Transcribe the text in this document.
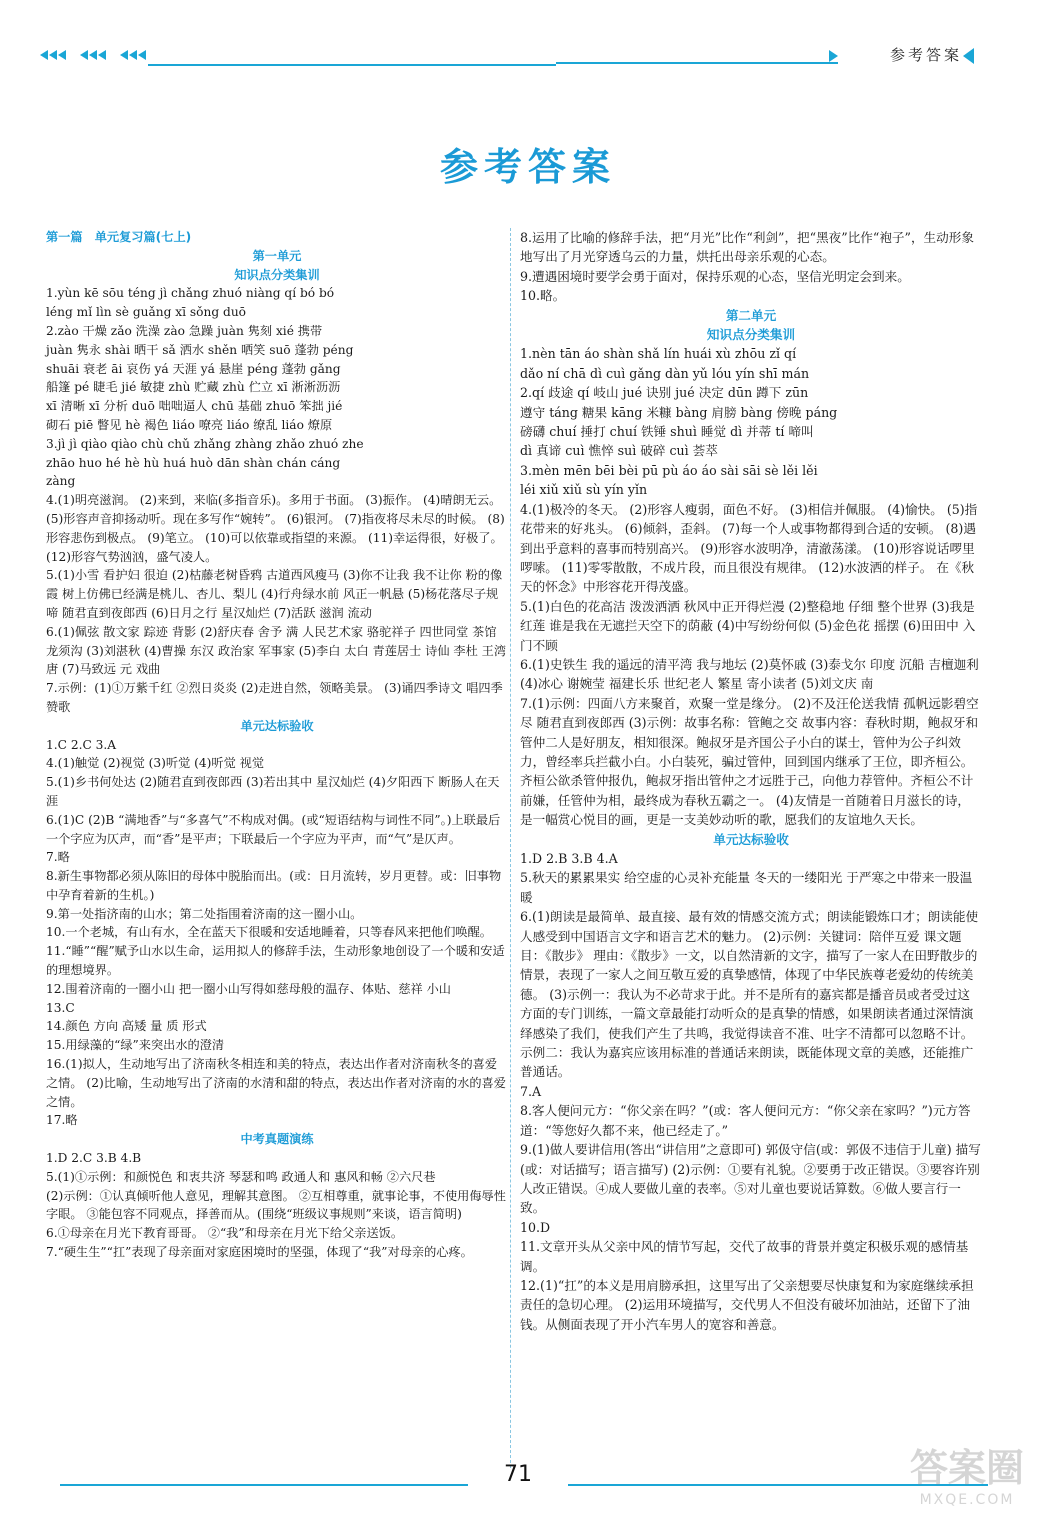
参考答案
参考答案
第一篇　单元复习篇(七上)
第一单元
知识点分类集训
1.yùn kē sōu téng jì chǎng zhuó niàng qí bó bó
léng mǐ lìn sè guǎng xī sǒng duō
2.zào 干燥 zǎo 洗澡 zào 急躁 juàn 隽刻 xié 携带
juàn 隽永 shài 晒干 sǎ 洒水 shěn 哂笑 suō 蓬勃 péng
shuāi 衰老 āi 哀伤 yá 天涯 yá 悬崖 péng 蓬勃 gǎng
船篷 pé 睫毛 jié 敏捷 zhù 贮藏 zhù 伫立 xī 淅淅沥沥
xī 清晰 xī 分析 duō 咄咄逼人 chū 基础 zhuō 笨拙 jié
砌石 piē 瞥见 hè 褐色 liáo 嘹亮 liáo 缭乱 liáo 燎原
3.jì jì qiào qiào chù chǔ zhǎng zhàng zhǎo zhuó zhe
zhāo huo hé hè hù huá huò dān shàn chán cáng
zàng
4.(1)明亮滋润。 (2)来到，来临(多指音乐)。多用于书面。 (3)振作。 (4)晴朗无云。 (5)形容声音抑扬动听。现在多写作“婉转”。 (6)银河。 (7)指夜将尽未尽的时候。 (8)形容悲伤到极点。 (9)笔立。 (10)可以依靠或指望的来源。 (11)幸运得很，好极了。 (12)形容气势汹汹，盛气凌人。
5.(1)小雪 看护妇 很迫 (2)枯藤老树昏鸦 古道西风瘦马 (3)你不让我 我不让你 粉的像霞 树上仿佛已经满是桃儿、杏儿、梨儿 (4)行舟绿水前 风正一帆悬 (5)杨花落尽子规啼 随君直到夜郎西 (6)日月之行 星汉灿烂 (7)活跃 滋润 流动
6.(1)佩弦 散文家 踪迹 背影 (2)舒庆春 舍予 满 人民艺术家 骆驼祥子 四世同堂 茶馆 龙须沟 (3)刘湛秋 (4)曹操 东汉 政治家 军事家 (5)李白 太白 青莲居士 诗仙 李杜 王湾 唐 (7)马致远 元 戏曲
7.示例：(1)①万紫千红 ②烈日炎炎 (2)走进自然，领略美景。 (3)诵四季诗文 唱四季赞歌
单元达标验收
1.C 2.C 3.A
4.(1)触觉 (2)视觉 (3)听觉 (4)听觉 视觉
5.(1)乡书何处达 (2)随君直到夜郎西 (3)若出其中 星汉灿烂 (4)夕阳西下 断肠人在天涯
6.(1)C (2)B “满地香”与“多喜气”不构成对偶。(或“短语结构与词性不同”。)上联最后一个字应为仄声，而“香”是平声；下联最后一个字应为平声，而“气”是仄声。
7.略
8.新生事物都必须从陈旧的母体中脱胎而出。(或：日月流转，岁月更替。或：旧事物中孕育着新的生机。)
9.第一处指济南的山水；第二处指围着济南的这一圈小山。
10.一个老城，有山有水，全在蓝天下很暖和安适地睡着，只等春风来把他们唤醒。
11.“睡”“醒”赋予山水以生命，运用拟人的修辞手法，生动形象地创设了一个暖和安适的理想境界。
12.围着济南的一圈小山 把一圈小山写得如慈母般的温存、体贴、慈祥 小山
13.C
14.颜色 方向 高矮 量 质 形式
15.用绿藻的“绿”来突出水的澄清
16.(1)拟人，生动地写出了济南秋冬相连和美的特点，表达出作者对济南秋冬的喜爱之情。 (2)比喻，生动地写出了济南的水清和甜的特点，表达出作者对济南的水的喜爱之情。
17.略
中考真题演练
1.D 2.C 3.B 4.B
5.(1)①示例：和颜悦色 和衷共济 琴瑟和鸣 政通人和 惠风和畅 ②六尺巷
(2)示例：①认真倾听他人意见，理解其意图。 ②互相尊重，就事论事，不使用侮辱性字眼。 ③能包容不同观点，择善而从。(围绕“班级议事规则”来谈，语言简明)
6.①母亲在月光下教育哥哥。 ②“我”和母亲在月光下给父亲送饭。
7.“硬生生”“扛”表现了母亲面对家庭困境时的坚强，体现了“我”对母亲的心疼。
8.运用了比喻的修辞手法，把“月光”比作“利剑”，把“黑夜”比作“袍子”，生动形象地写出了月光穿透乌云的力量，烘托出母亲乐观的心态。
9.遭遇困境时要学会勇于面对，保持乐观的心态，坚信光明定会到来。
10.略。
第二单元
知识点分类集训
1.nèn tān áo shàn shǎ lín huái xù zhōu zǐ qí
dǎo ní chā dì cuì gǎng dàn yǔ lóu yín shī mán
2.qí 歧途 qí 岐山 jué 诀别 jué 决定 dūn 蹲下 zūn
遵守 táng 糖果 kāng 米糠 bàng 肩膀 bàng 傍晚 páng
磅礴 chuí 捶打 chuí 铁锤 shuì 睡觉 dì 并蒂 tí 啼叫
dì 真谛 cuì 憔悴 suì 破碎 cuì 荟萃
3.mèn mēn bēi bèi pū pù áo áo sài sāi sè lěi lěi
léi xiǔ xiǔ sù yín yǐn
4.(1)极冷的冬天。 (2)形容人瘦弱，面色不好。 (3)相信并佩服。 (4)愉快。 (5)指花带来的好兆头。 (6)倾斜，歪斜。 (7)每一个人或事物都得到合适的安顿。 (8)遇到出乎意料的喜事而特别高兴。 (9)形容水波明净，清澈荡漾。 (10)形容说话啰里啰嗦。 (11)零零散散，不成片段，而且很没有规律。 (12)水波洒的样子。 在《秋天的怀念》中形容花开得茂盛。
5.(1)白色的花高洁 泼泼洒洒 秋风中正开得烂漫 (2)整稳地 仔细 整个世界 (3)我是红莲 谁是我在无遮拦天空下的荫蔽 (4)中写纷纷何似 (5)金色花 摇摆 (6)田田中 入门不顾
6.(1)史铁生 我的遥远的清平湾 我与地坛 (2)莫怀戚 (3)泰戈尔 印度 沉船 吉檀迦利 (4)冰心 谢婉莹 福建长乐 世纪老人 繁星 寄小读者 (5)刘文庆 南
7.(1)示例：四面八方来聚首，欢聚一堂是缘分。 (2)不及汪伦送我情 孤帆远影碧空尽 随君直到夜郎西 (3)示例：故事名称：管鲍之交 故事内容：春秋时期，鲍叔牙和管仲二人是好朋友，相知很深。鲍叔牙是齐国公子小白的谋士，管仲为公子纠效力，曾经率兵拦截小白。小白装死，骗过管仲，回到国内继承了王位，即齐桓公。齐桓公欲杀管仲报仇，鲍叔牙指出管仲之才远胜于己，向他力荐管仲。齐桓公不计前嫌，任管仲为相，最终成为春秋五霸之一。 (4)友情是一首随着日月滋长的诗，是一幅赏心悦目的画，更是一支美妙动听的歌，愿我们的友谊地久天长。
单元达标验收
1.D 2.B 3.B 4.A
5.秋天的累累果实 给空虚的心灵补充能量 冬天的一缕阳光 于严寒之中带来一股温暖
6.(1)朗读是最简单、最直接、最有效的情感交流方式；朗读能锻炼口才；朗读能使人感受到中国语言文字和语言艺术的魅力。 (2)示例：关键词：陪伴互爱 课文题目：《散步》 理由：《散步》一文，以自然清新的文字，描写了一家人在田野散步的情景，表现了一家人之间互敬互爱的真挚感情，体现了中华民族尊老爱幼的传统美德。 (3)示例一：我认为不必苛求于此。并不是所有的嘉宾都是播音员或者受过这方面的专门训练，一篇文章最能打动听众的是真挚的情感，如果朗读者通过深情演绎感染了我们，使我们产生了共鸣，我觉得读音不准、吐字不清都可以忽略不计。 示例二：我认为嘉宾应该用标准的普通话来朗读，既能体现文章的美感，还能推广普通话。
7.A
8.客人便问元方：“你父亲在吗？”(或：客人便问元方：“你父亲在家吗？”)元方答道：“等您好久都不来，他已经走了。”
9.(1)做人要讲信用(答出“讲信用”之意即可) 郭伋守信(或：郭伋不违信于儿童) 描写(或：对话描写；语言描写) (2)示例：①要有礼貌。②要勇于改正错误。③要容许别人改正错误。④成人要做儿童的表率。⑤对儿童也要说话算数。⑥做人要言行一致。
10.D
11.文章开头从父亲中风的情节写起，交代了故事的背景并奠定积极乐观的感情基调。
12.(1)“扛”的本义是用肩膀承担，这里写出了父亲想要尽快康复和为家庭继续承担责任的急切心理。 (2)运用环境描写，交代男人不但没有破坏加油站，还留下了油钱。从侧面表现了开小汽车男人的宽容和善意。
71	答案圈
MXQE.COM
